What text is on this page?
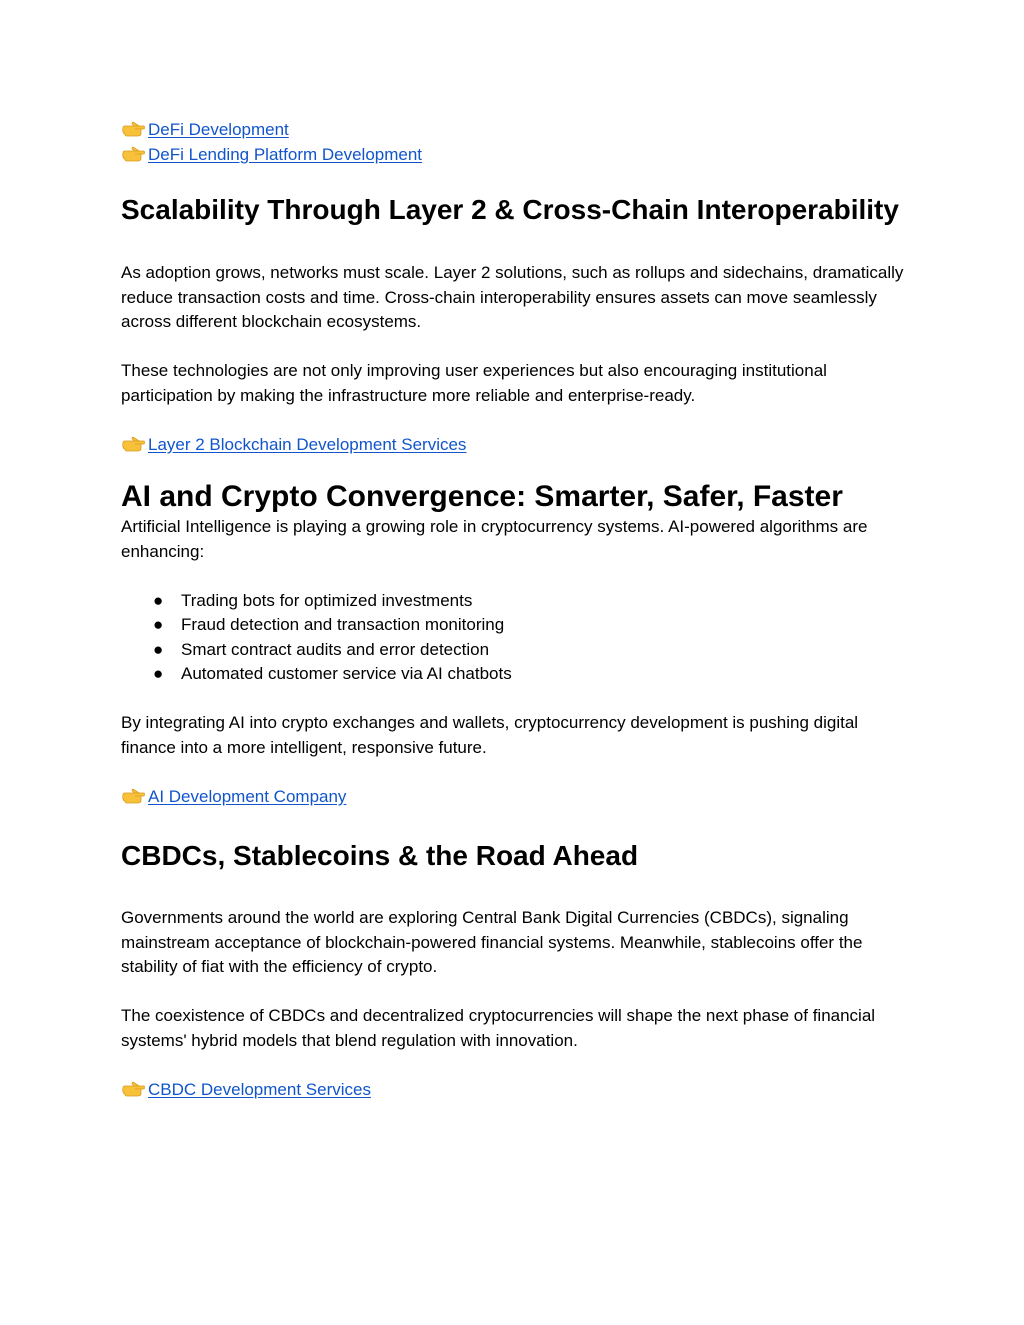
DeFi Development
DeFi Lending Platform Development
Scalability Through Layer 2 & Cross-Chain Interoperability

As adoption grows, networks must scale. Layer 2 solutions, such as rollups and sidechains, dramatically reduce transaction costs and time. Cross-chain interoperability ensures assets can move seamlessly across different blockchain ecosystems.

These technologies are not only improving user experiences but also encouraging institutional participation by making the infrastructure more reliable and enterprise-ready.

Layer 2 Blockchain Development Services
AI and Crypto Convergence: Smarter, Safer, Faster

Artificial Intelligence is playing a growing role in cryptocurrency systems. AI-powered algorithms are enhancing:

● Trading bots for optimized investments
● Fraud detection and transaction monitoring
● Smart contract audits and error detection
● Automated customer service via AI chatbots

By integrating AI into crypto exchanges and wallets, cryptocurrency development is pushing digital finance into a more intelligent, responsive future.

AI Development Company
CBDCs, Stablecoins & the Road Ahead

Governments around the world are exploring Central Bank Digital Currencies (CBDCs), signaling mainstream acceptance of blockchain-powered financial systems. Meanwhile, stablecoins offer the stability of fiat with the efficiency of crypto.

The coexistence of CBDCs and decentralized cryptocurrencies will shape the next phase of financial systems' hybrid models that blend regulation with innovation.

CBDC Development Services
